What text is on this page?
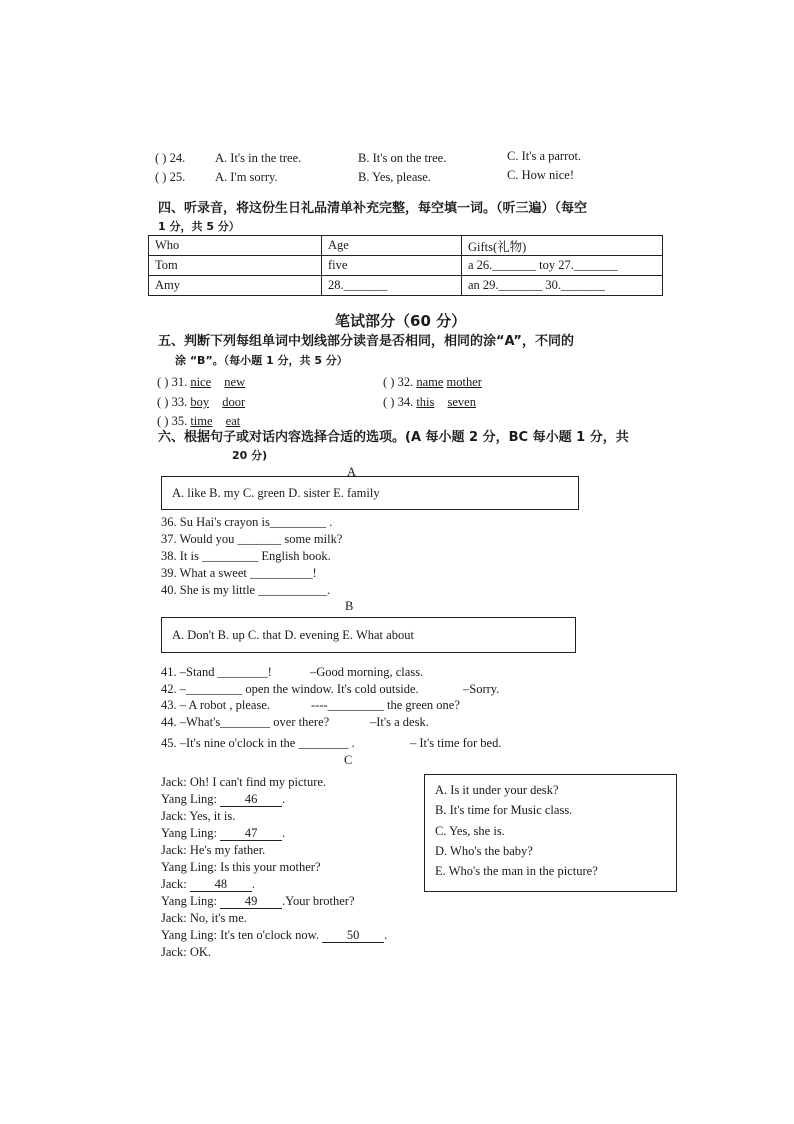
( ) 24. A. It's in the tree.	B. It's on the tree.	C. It's a parrot.
( ) 25. A. I'm sorry.	B. Yes, please.	C. How nice!
四、听录音，将这份生日礼品清单补充完整，每空填一词。（听三遍）（每空
1 分，共 5 分）
Who	Age	Gifts(礼物)
Tom	five	a 26._______ toy 27._______
Amy	28._______	an 29._______ 30._______
笔试部分（60 分）
五、判断下列每组单词中划线部分读音是否相同，相同的涂“A”，不同的
涂 “B”。（每小题 1 分，共 5 分）
( ) 31. nice new	( ) 32. name mother
( ) 33. boy door	( ) 34. this seven
( ) 35. time eat
六、根据句子或对话内容选择合适的选项。(A 每小题 2 分，BC 每小题 1 分，共
20 分)
A
A. like B. my C. green D. sister E. family
36. Su Hai's crayon is_________ .
37. Would you _______ some milk?
38. It is _________ English book.
39. What a sweet __________!
40. She is my little ___________.
B
A. Don't B. up C. that D. evening E. What about
41. –Stand ________!	–Good morning, class.
42. –_________ open the window. It's cold outside.	–Sorry.
43. – A robot , please.	----_________ the green one?
44. –What's________ over there?	–It's a desk.
45. –It's nine o'clock in the ________ .	– It's time for bed.
C
Jack: Oh! I can't find my picture.
Yang Ling: 46 .
Jack: Yes, it is.
Yang Ling: 47 .
Jack: He's my father.
Yang Ling: Is this your mother?
Jack: 48 .
Yang Ling: 49 .Your brother?
Jack: No, it's me.
Yang Ling: It's ten o'clock now. 50 .
Jack: OK.
A. Is it under your desk?
B. It's time for Music class.
C. Yes, she is.
D. Who's the baby?
E. Who's the man in the picture?
